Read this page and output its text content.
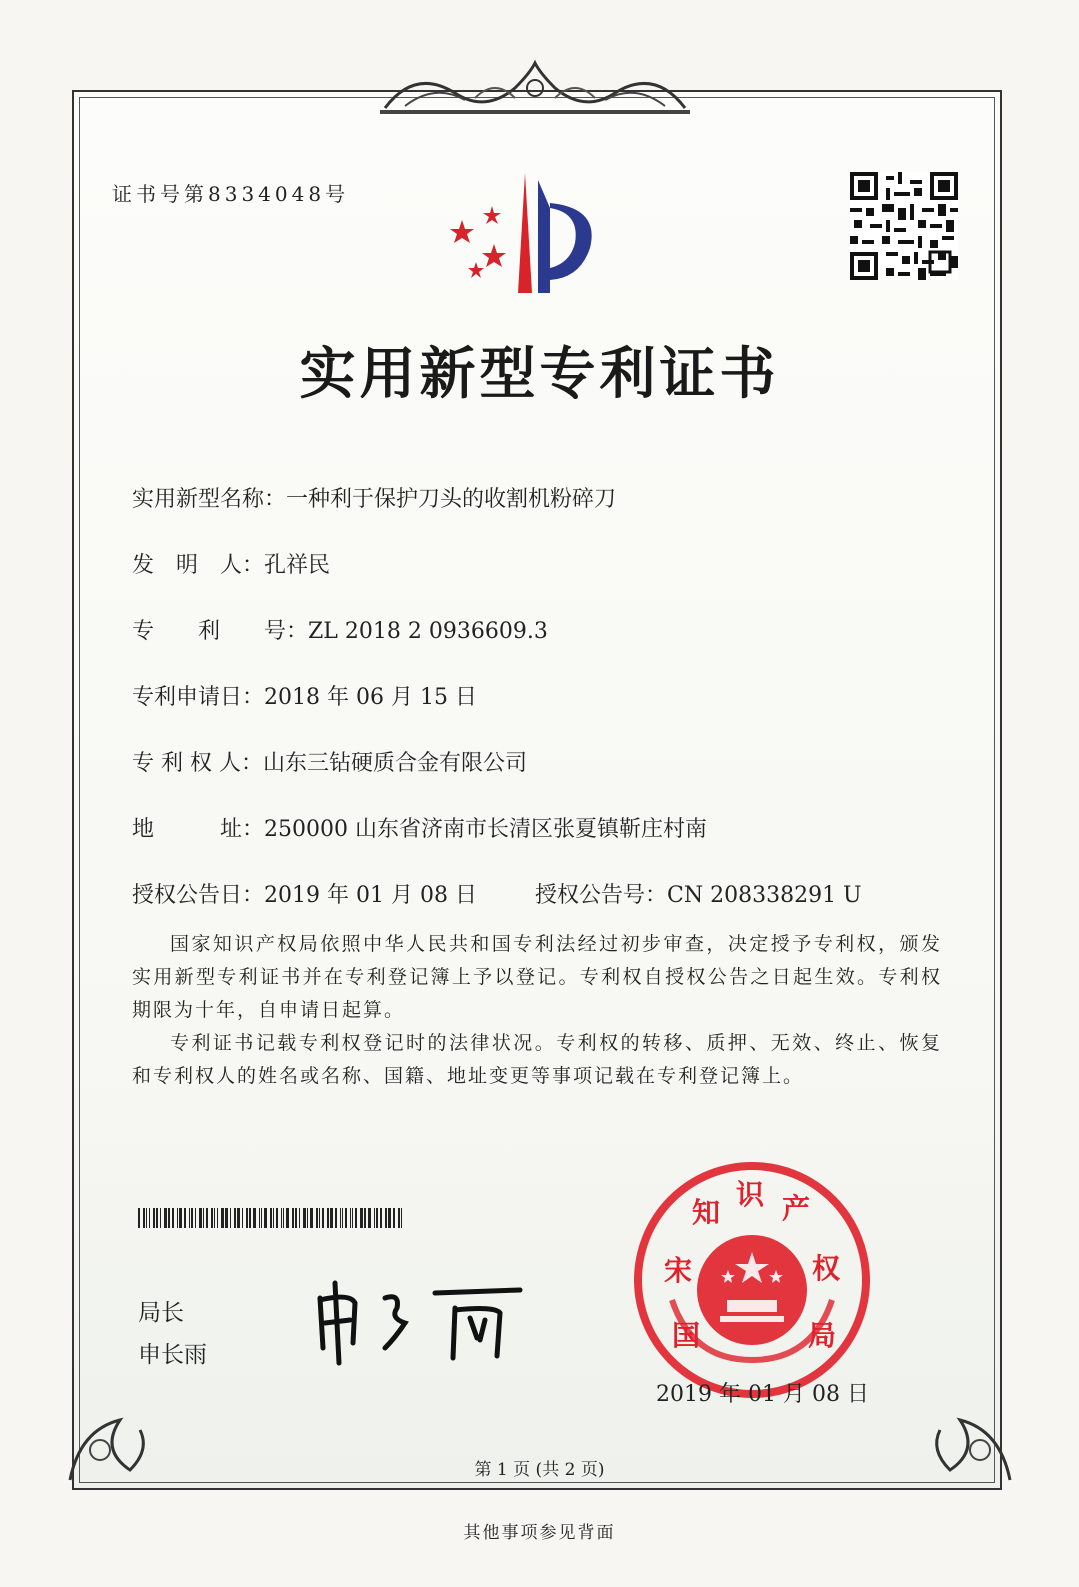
证书号第8334048号
实用新型专利证书
实用新型名称：一种利于保护刀头的收割机粉碎刀
发　明　人：孔祥民
专　　利　　号：ZL 2018 2 0936609.3
专利申请日：2018 年 06 月 15 日
专 利 权 人：山东三钻硬质合金有限公司
地　　　址：250000 山东省济南市长清区张夏镇靳庄村南
授权公告日：2019 年 01 月 08 日	授权公告号：CN 208338291 U
国家知识产权局依照中华人民共和国专利法经过初步审查，决定授予专利权，颁发实用新型专利证书并在专利登记簿上予以登记。专利权自授权公告之日起生效。专利权期限为十年，自申请日起算。
专利证书记载专利权登记时的法律状况。专利权的转移、质押、无效、终止、恢复和专利权人的姓名或名称、国籍、地址变更等事项记载在专利登记簿上。
局长
申长雨
宋
知
识 产
权
国	局
2019 年 01 月 08 日
第 1 页 (共 2 页)
其他事项参见背面
